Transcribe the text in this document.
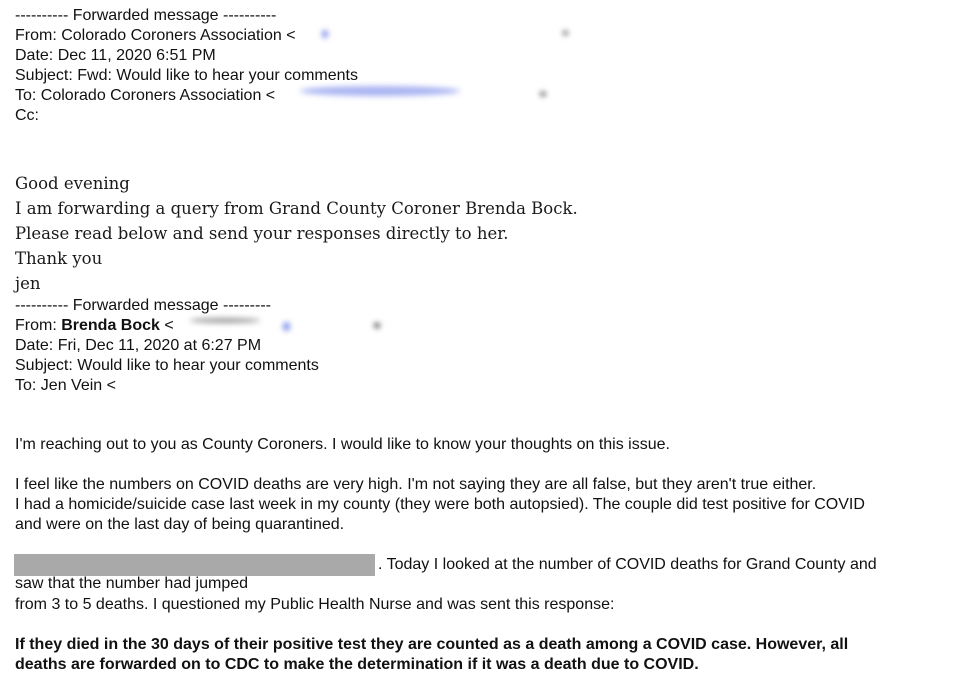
---------- Forwarded message ----------
From: Colorado Coroners Association <
Date: Dec 11, 2020 6:51 PM
Subject: Fwd: Would like to hear your comments
To: Colorado Coroners Association <
Cc:
Good evening
I am forwarding a query from Grand County Coroner Brenda Bock.
Please read below and send your responses directly to her.
Thank you
jen
---------- Forwarded message ---------
From: Brenda Bock <
Date: Fri, Dec 11, 2020 at 6:27 PM
Subject: Would like to hear your comments
To: Jen Vein <
I'm reaching out to you as County Coroners. I would like to know your thoughts on this issue.
I feel like the numbers on COVID deaths are very high. I'm not saying they are all false, but they aren't true either.
I had a homicide/suicide case last week in my county (they were both autopsied). The couple did test positive for COVID
and were on the last day of being quarantined.
. Today I looked at the number of COVID deaths for Grand County and
saw that the number had jumped
from 3 to 5 deaths. I questioned my Public Health Nurse and was sent this response:
If they died in the 30 days of their positive test they are counted as a death among a COVID case. However, all
deaths are forwarded on to CDC to make the determination if it was a death due to COVID.
